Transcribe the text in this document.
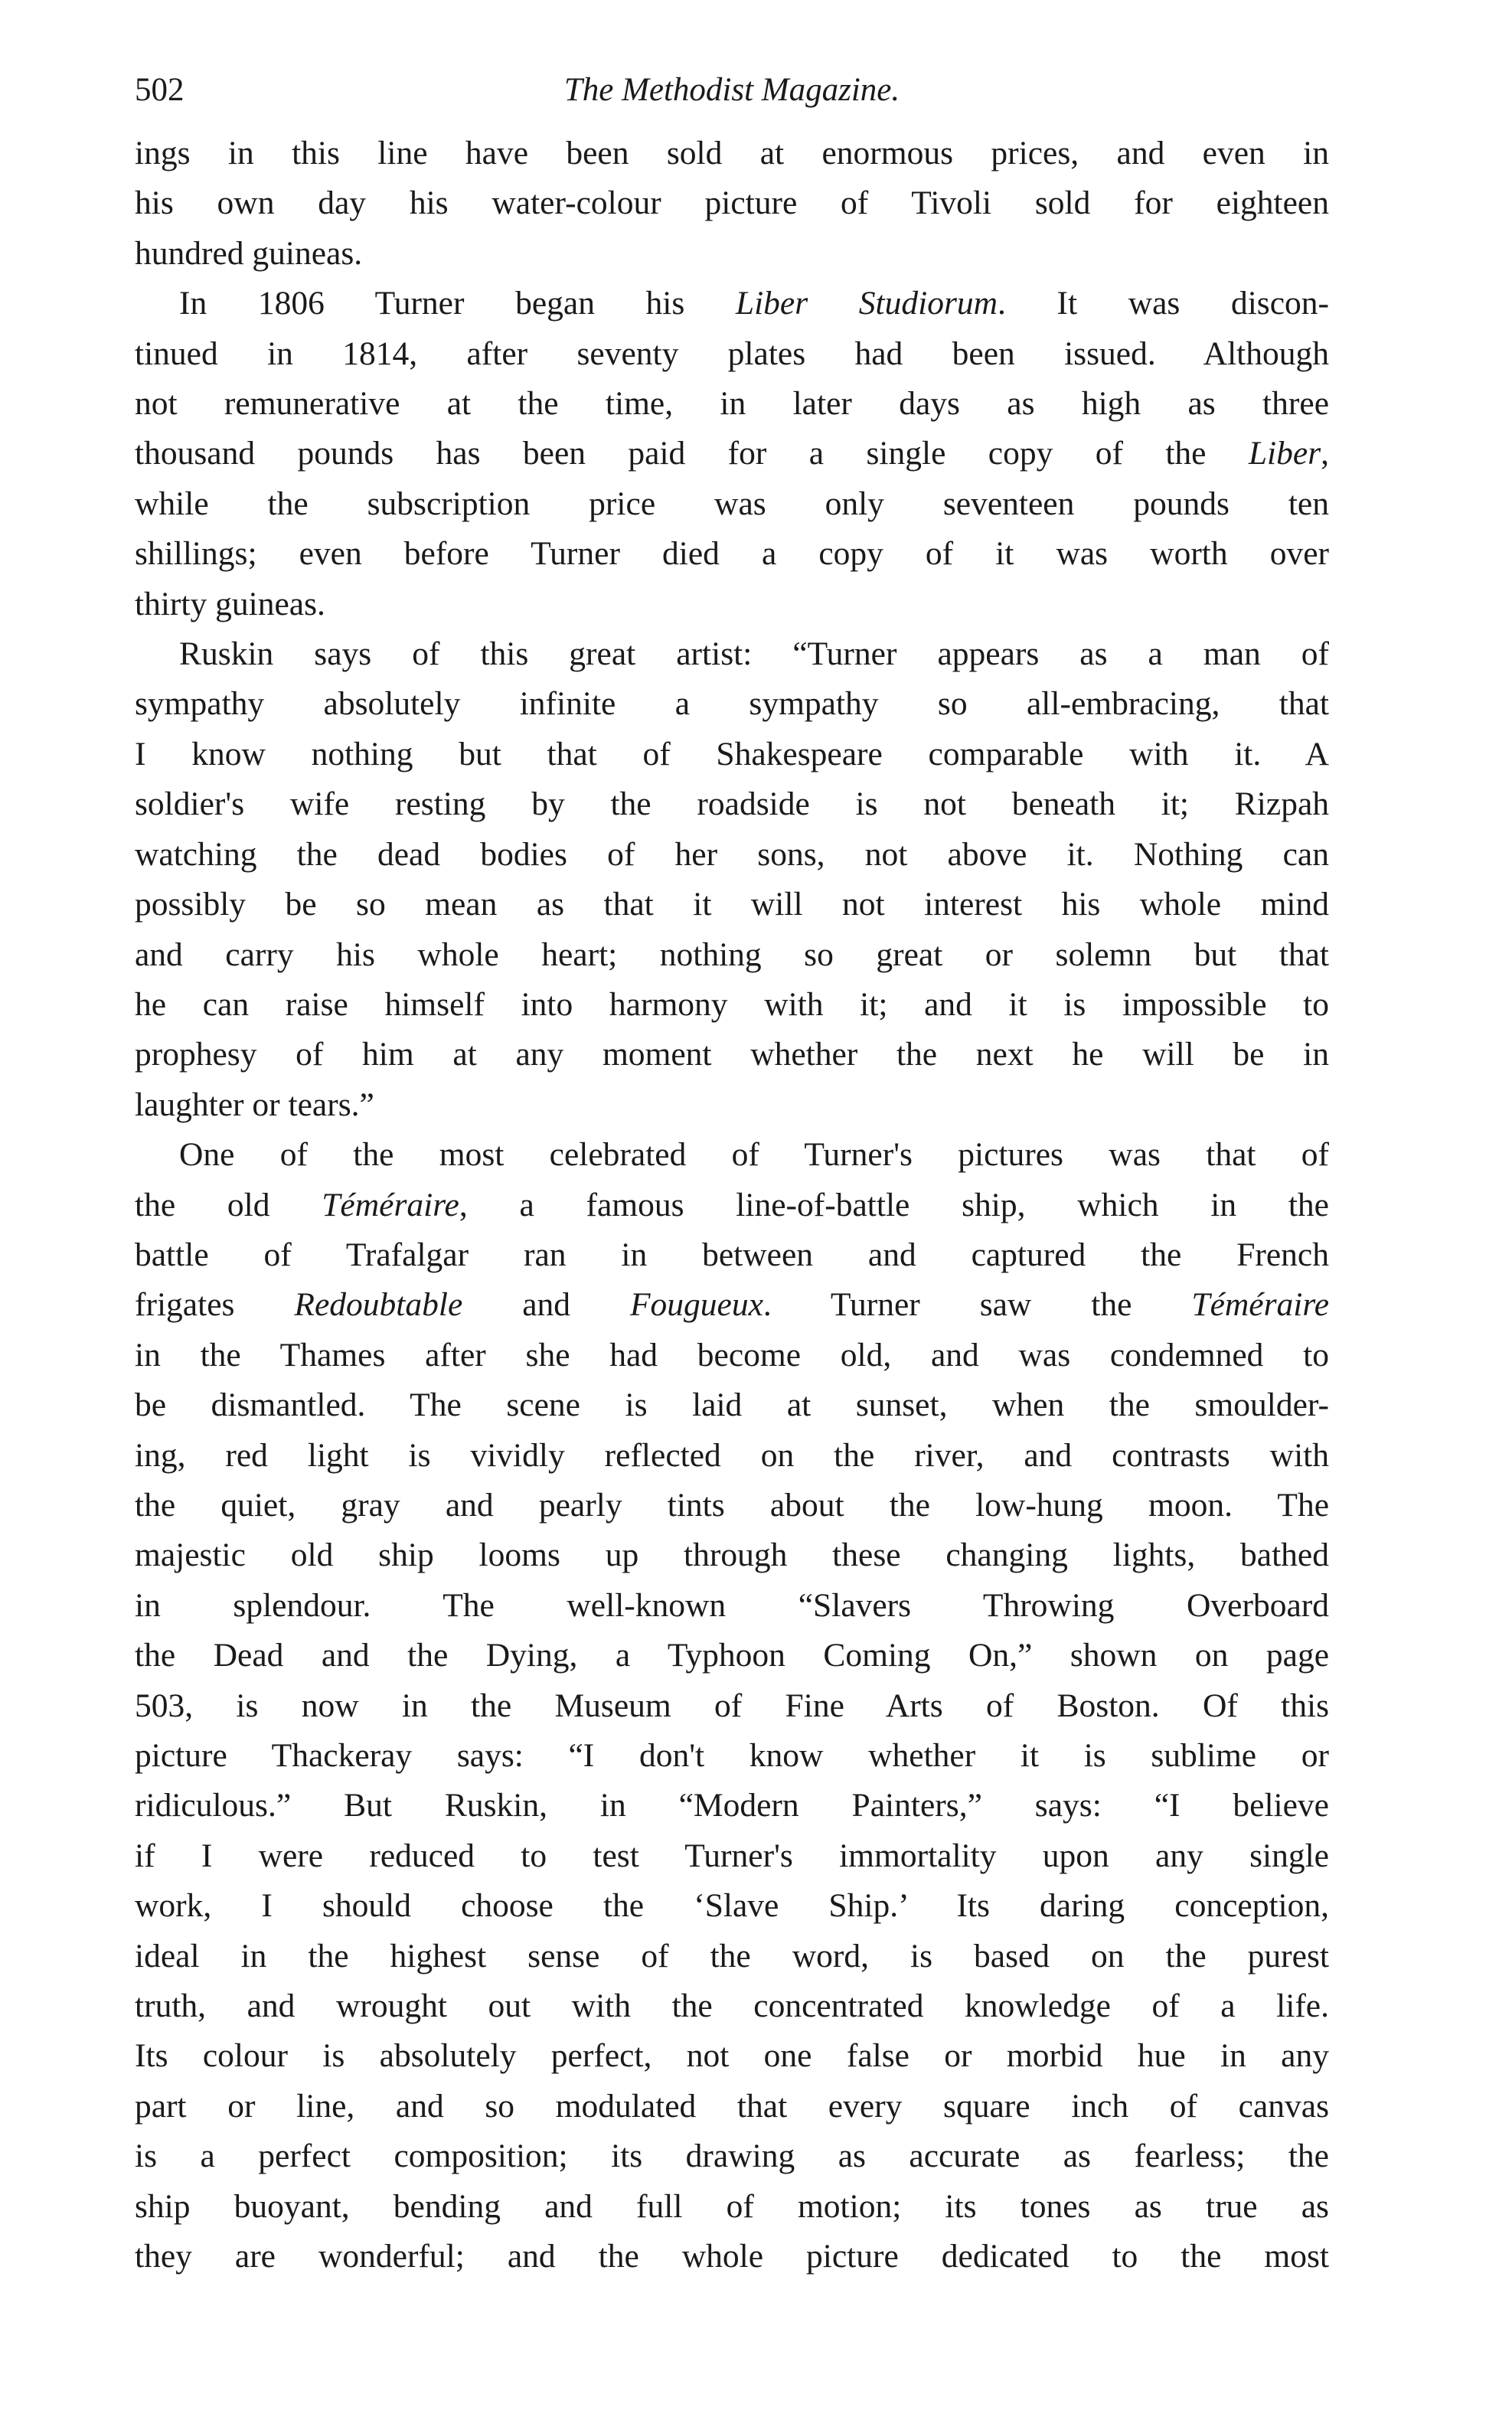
502	The Methodist Magazine.
ings in this line have been sold at enormous prices, and even in
his own day his water-colour picture of Tivoli sold for eighteen
hundred guineas.
In 1806 Turner began his Liber Studiorum. It was discon-
tinued in 1814, after seventy plates had been issued. Although
not remunerative at the time, in later days as high as three
thousand pounds has been paid for a single copy of the Liber,
while the subscription price was only seventeen pounds ten
shillings; even before Turner died a copy of it was worth over
thirty guineas.
Ruskin says of this great artist: “Turner appears as a man of
sympathy absolutely infinite a sympathy so all-embracing, that
I know nothing but that of Shakespeare comparable with it. A
soldier's wife resting by the roadside is not beneath it; Rizpah
watching the dead bodies of her sons, not above it. Nothing can
possibly be so mean as that it will not interest his whole mind
and carry his whole heart; nothing so great or solemn but that
he can raise himself into harmony with it; and it is impossible to
prophesy of him at any moment whether the next he will be in
laughter or tears.”
One of the most celebrated of Turner's pictures was that of
the old Téméraire, a famous line-of-battle ship, which in the
battle of Trafalgar ran in between and captured the French
frigates Redoubtable and Fougueux. Turner saw the Téméraire
in the Thames after she had become old, and was condemned to
be dismantled. The scene is laid at sunset, when the smoulder-
ing, red light is vividly reflected on the river, and contrasts with
the quiet, gray and pearly tints about the low-hung moon. The
majestic old ship looms up through these changing lights, bathed
in splendour. The well-known “Slavers Throwing Overboard
the Dead and the Dying, a Typhoon Coming On,” shown on page
503, is now in the Museum of Fine Arts of Boston. Of this
picture Thackeray says: “I don't know whether it is sublime or
ridiculous.” But Ruskin, in “Modern Painters,” says: “I believe
if I were reduced to test Turner's immortality upon any single
work, I should choose the ‘Slave Ship.’ Its daring conception,
ideal in the highest sense of the word, is based on the purest
truth, and wrought out with the concentrated knowledge of a life.
Its colour is absolutely perfect, not one false or morbid hue in any
part or line, and so modulated that every square inch of canvas
is a perfect composition; its drawing as accurate as fearless; the
ship buoyant, bending and full of motion; its tones as true as
they are wonderful; and the whole picture dedicated to the most
